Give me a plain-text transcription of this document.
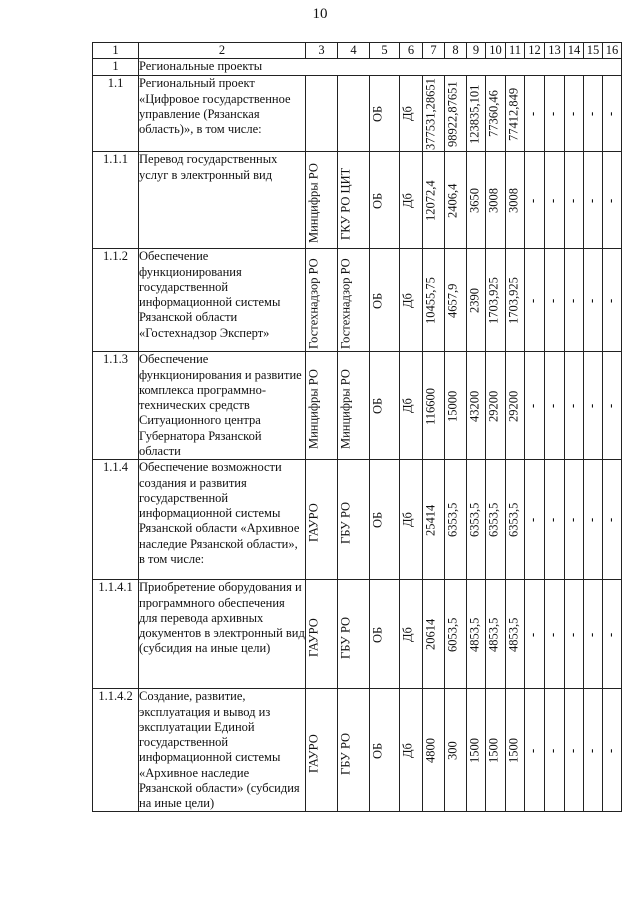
10
1	2	3	4	5	6	7	8	9	10	11	12	13	14	15	16
1	Региональные проекты														
1.1	Региональный проект «Цифровое государственное управление (Рязанская область)», в том числе:			ОБ	Дб	377531,28651	98922,87651	123835,101	77360,46	77412,849	-	-	-	-	-
1.1.1	Перевод государственных услуг в электронный вид	Минцифры РО	ГКУ РО ЦИТ	ОБ	Дб	12072,4	2406,4	3650	3008	3008	-	-	-	-	-
1.1.2	Обеспечение функционирования государственной информационной системы Рязанской области «Гостехнадзор Эксперт»	Гостехнадзор РО	Гостехнадзор РО	ОБ	Дб	10455,75	4657,9	2390	1703,925	1703,925	-	-	-	-	-
1.1.3	Обеспечение функционирования и развитие комплекса программно-технических средств Ситуационного центра Губернатора Рязанской области	Минцифры РО	Минцифры РО	ОБ	Дб	116600	15000	43200	29200	29200	-	-	-	-	-
1.1.4	Обеспечение возможности создания и развития государственной информационной системы Рязанской области «Архивное наследие Рязанской области», в том числе:	ГАУРО	ГБУ РО	ОБ	Дб	25414	6353,5	6353,5	6353,5	6353,5	-	-	-	-	-
1.1.4.1	Приобретение оборудования и программного обеспечения для перевода архивных документов в электронный вид (субсидия на иные цели)	ГАУРО	ГБУ РО	ОБ	Дб	20614	6053,5	4853,5	4853,5	4853,5	-	-	-	-	-
1.1.4.2	Создание, развитие, эксплуатация и вывод из эксплуатации Единой государственной информационной системы «Архивное наследие Рязанской области» (субсидия на иные цели)	ГАУРО	ГБУ РО	ОБ	Дб	4800	300	1500	1500	1500	-	-	-	-	-
